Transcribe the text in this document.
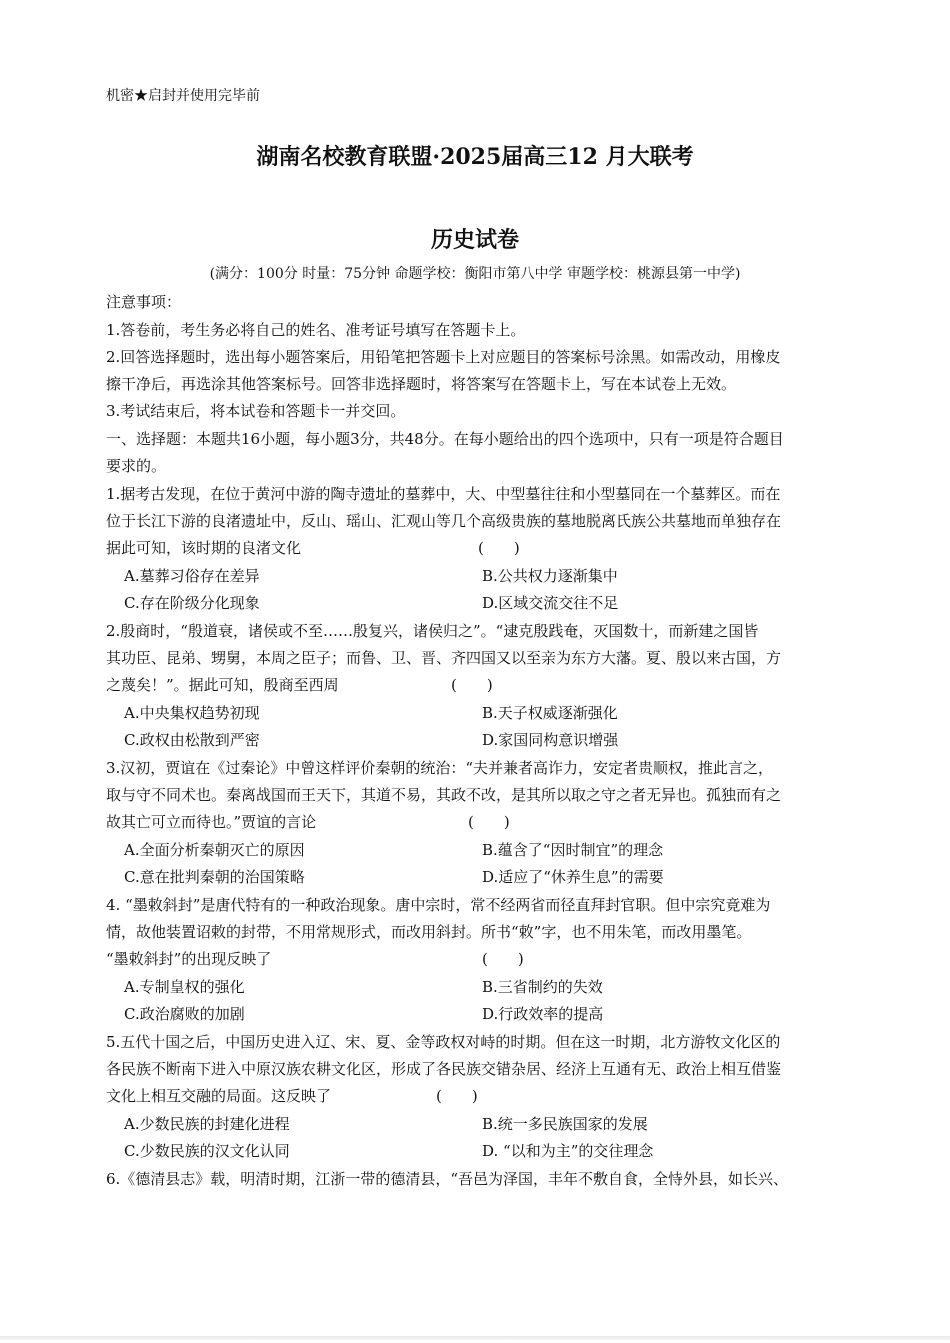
机密★启封并使用完毕前
湖南名校教育联盟·2025届高三12 月大联考
历史试卷
(满分：100分 时量：75分钟 命题学校：衡阳市第八中学 审题学校：桃源县第一中学)
注意事项：
1.答卷前，考生务必将自己的姓名、准考证号填写在答题卡上。
2.回答选择题时，选出每小题答案后，用铅笔把答题卡上对应题目的答案标号涂黑。如需改动，用橡皮
擦干净后，再选涂其他答案标号。回答非选择题时，将答案写在答题卡上，写在本试卷上无效。
3.考试结束后，将本试卷和答题卡一并交回。
一、选择题：本题共16小题，每小题3分，共48分。在每小题给出的四个选项中，只有一项是符合题目
要求的。
1.据考古发现，在位于黄河中游的陶寺遗址的墓葬中，大、中型墓往往和小型墓同在一个墓葬区。而在
位于长江下游的良渚遗址中，反山、瑶山、汇观山等几个高级贵族的墓地脱离氏族公共墓地而单独存在
据此可知，该时期的良渚文化	(　　)
A.墓葬习俗存在差异	B.公共权力逐渐集中
C.存在阶级分化现象	D.区域交流交往不足
2.殷商时，“殷道衰，诸侯或不至……殷复兴，诸侯归之”。“逮克殷践奄，灭国数十，而新建之国皆
其功臣、昆弟、甥舅，本周之臣子；而鲁、卫、晋、齐四国又以至亲为东方大藩。夏、殷以来古国，方
之蔑矣！”。据此可知，殷商至西周	(　　)
A.中央集权趋势初现	B.天子权威逐渐强化
C.政权由松散到严密	D.家国同构意识增强
3.汉初，贾谊在《过秦论》中曾这样评价秦朝的统治：“夫并兼者高诈力，安定者贵顺权，推此言之，
取与守不同术也。秦离战国而王天下，其道不易，其政不改，是其所以取之守之者无异也。孤独而有之
故其亡可立而待也。”贾谊的言论	(　　)
A.全面分析秦朝灭亡的原因	B.蕴含了“因时制宜”的理念
C.意在批判秦朝的治国策略	D.适应了“休养生息”的需要
4. “墨敕斜封”是唐代特有的一种政治现象。唐中宗时，常不经两省而径直拜封官职。但中宗究竟难为
情，故他装置诏敕的封带，不用常规形式，而改用斜封。所书“敕”字，也不用朱笔，而改用墨笔。
“墨敕斜封”的出现反映了	(　　)
A.专制皇权的强化	B.三省制约的失效
C.政治腐败的加剧	D.行政效率的提高
5.五代十国之后，中国历史进入辽、宋、夏、金等政权对峙的时期。但在这一时期，北方游牧文化区的
各民族不断南下进入中原汉族农耕文化区，形成了各民族交错杂居、经济上互通有无、政治上相互借鉴
文化上相互交融的局面。这反映了	(　　)
A.少数民族的封建化进程	B.统一多民族国家的发展
C.少数民族的汉文化认同	D. “以和为主”的交往理念
6.《德清县志》载，明清时期，江浙一带的德清县，“吾邑为泽国，丰年不敷自食，全恃外县，如长兴、
